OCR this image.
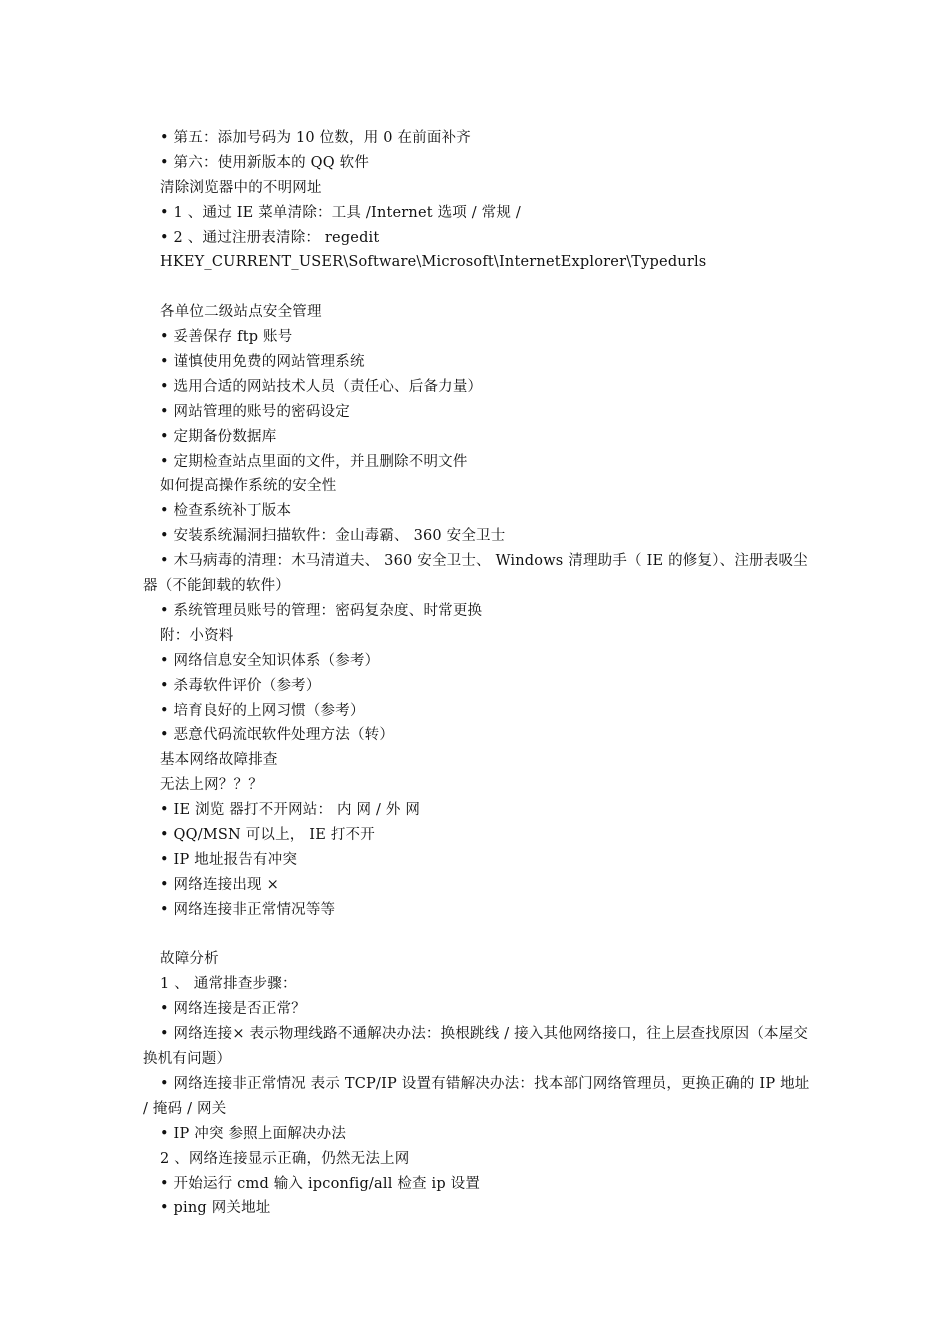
• 第五：添加号码为 10 位数，用 0 在前面补齐
• 第六：使用新版本的 QQ 软件
清除浏览器中的不明网址
• 1 、通过 IE 菜单清除：工具 /Internet 选项 / 常规 /
• 2 、通过注册表清除： regedit
HKEY_CURRENT_USER\Software\Microsoft\InternetExplorer\Typedurls
各单位二级站点安全管理
• 妥善保存 ftp 账号
• 谨慎使用免费的网站管理系统
• 选用合适的网站技术人员（责任心、后备力量）
• 网站管理的账号的密码设定
• 定期备份数据库
• 定期检查站点里面的文件，并且删除不明文件
如何提高操作系统的安全性
• 检查系统补丁版本
• 安装系统漏洞扫描软件：金山毒霸、 360 安全卫士
• 木马病毒的清理：木马清道夫、 360 安全卫士、 Windows 清理助手（ IE 的修复）、注册表吸尘器（不能卸载的软件）
• 系统管理员账号的管理：密码复杂度、时常更换
附：小资料
• 网络信息安全知识体系（参考）
• 杀毒软件评价（参考）
• 培育良好的上网习惯（参考）
• 恶意代码流氓软件处理方法（转）
基本网络故障排查
无法上网？？？
• IE 浏览 器打不开网站： 内 网 / 外 网
• QQ/MSN 可以上， IE 打不开
• IP 地址报告有冲突
• 网络连接出现 ×
• 网络连接非正常情况等等
故障分析
1 、 通常排查步骤：
• 网络连接是否正常？
• 网络连接× 表示物理线路不通解决办法：换根跳线 / 接入其他网络接口，往上层查找原因（本屋交换机有问题）
• 网络连接非正常情况 表示 TCP/IP 设置有错解决办法：找本部门网络管理员，更换正确的 IP 地址 / 掩码 / 网关
• IP 冲突 参照上面解决办法
2 、网络连接显示正确，仍然无法上网
• 开始运行 cmd 输入 ipconfig/all 检查 ip 设置
• ping 网关地址
